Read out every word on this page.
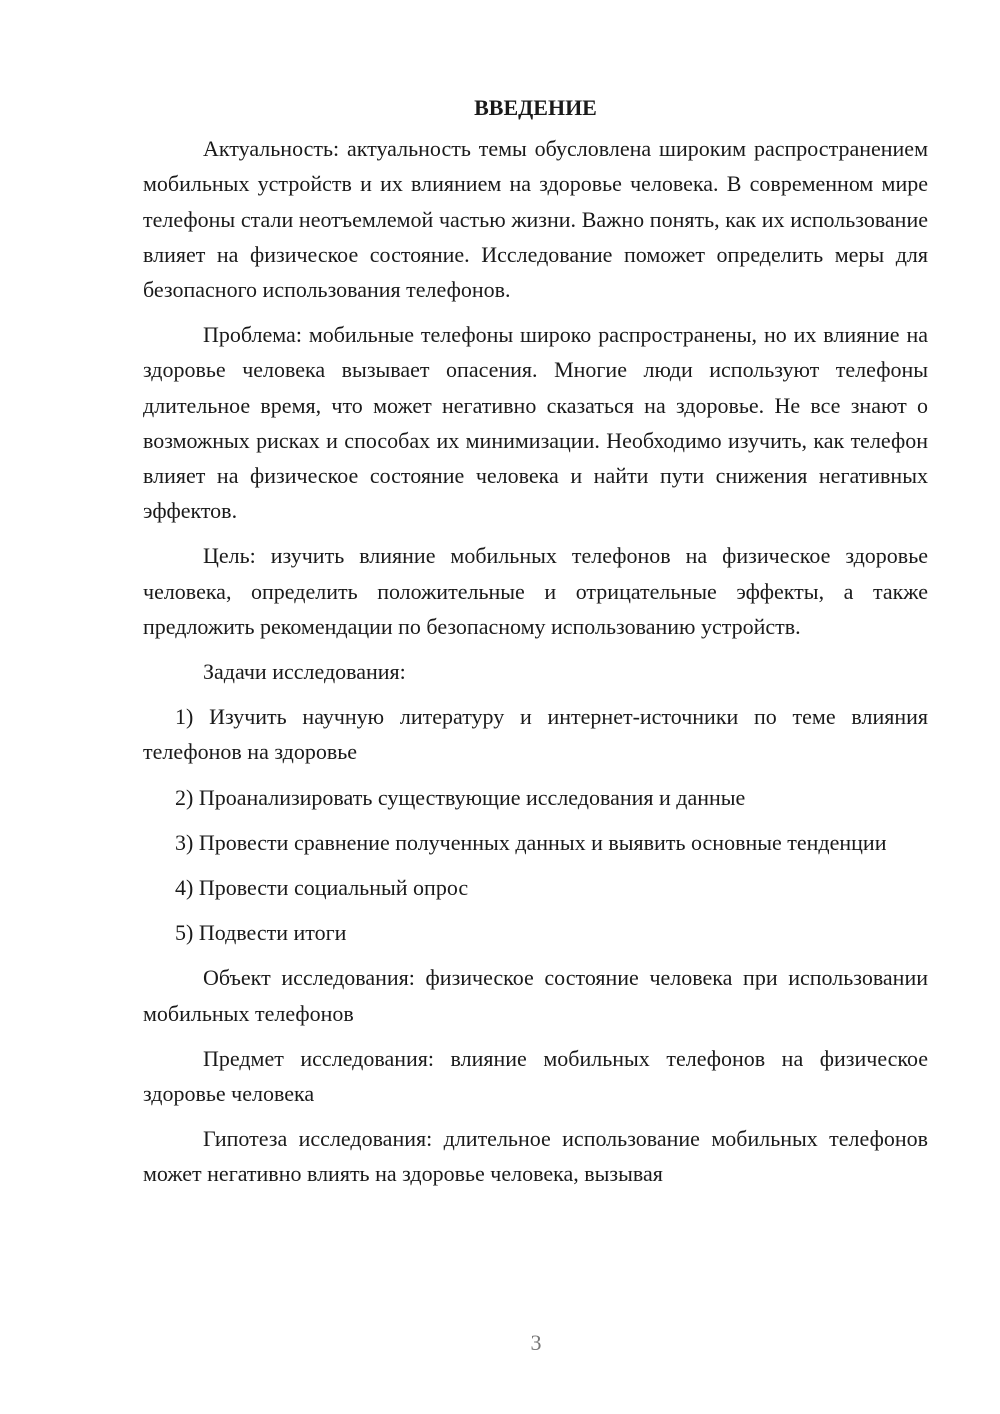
ВВЕДЕНИЕ

Актуальность: актуальность темы обусловлена широким распространением мобильных устройств и их влиянием на здоровье человека. В современном мире телефоны стали неотъемлемой частью жизни. Важно понять, как их использование влияет на физическое состояние. Исследование поможет определить меры для безопасного использования телефонов.

Проблема: мобильные телефоны широко распространены, но их влияние на здоровье человека вызывает опасения. Многие люди используют телефоны длительное время, что может негативно сказаться на здоровье. Не все знают о возможных рисках и способах их минимизации. Необходимо изучить, как телефон влияет на физическое состояние человека и найти пути снижения негативных эффектов.

Цель: изучить влияние мобильных телефонов на физическое здоровье человека, определить положительные и отрицательные эффекты, а также предложить рекомендации по безопасному использованию устройств.

Задачи исследования:

1) Изучить научную литературу и интернет-источники по теме влияния телефонов на здоровье

2) Проанализировать существующие исследования и данные

3) Провести сравнение полученных данных и выявить основные тенденции

4) Провести социальный опрос

5) Подвести итоги

Объект исследования: физическое состояние человека при использовании мобильных телефонов

Предмет исследования: влияние мобильных телефонов на физическое здоровье человека

Гипотеза исследования: длительное использование мобильных телефонов может негативно влиять на здоровье человека, вызывая

3
